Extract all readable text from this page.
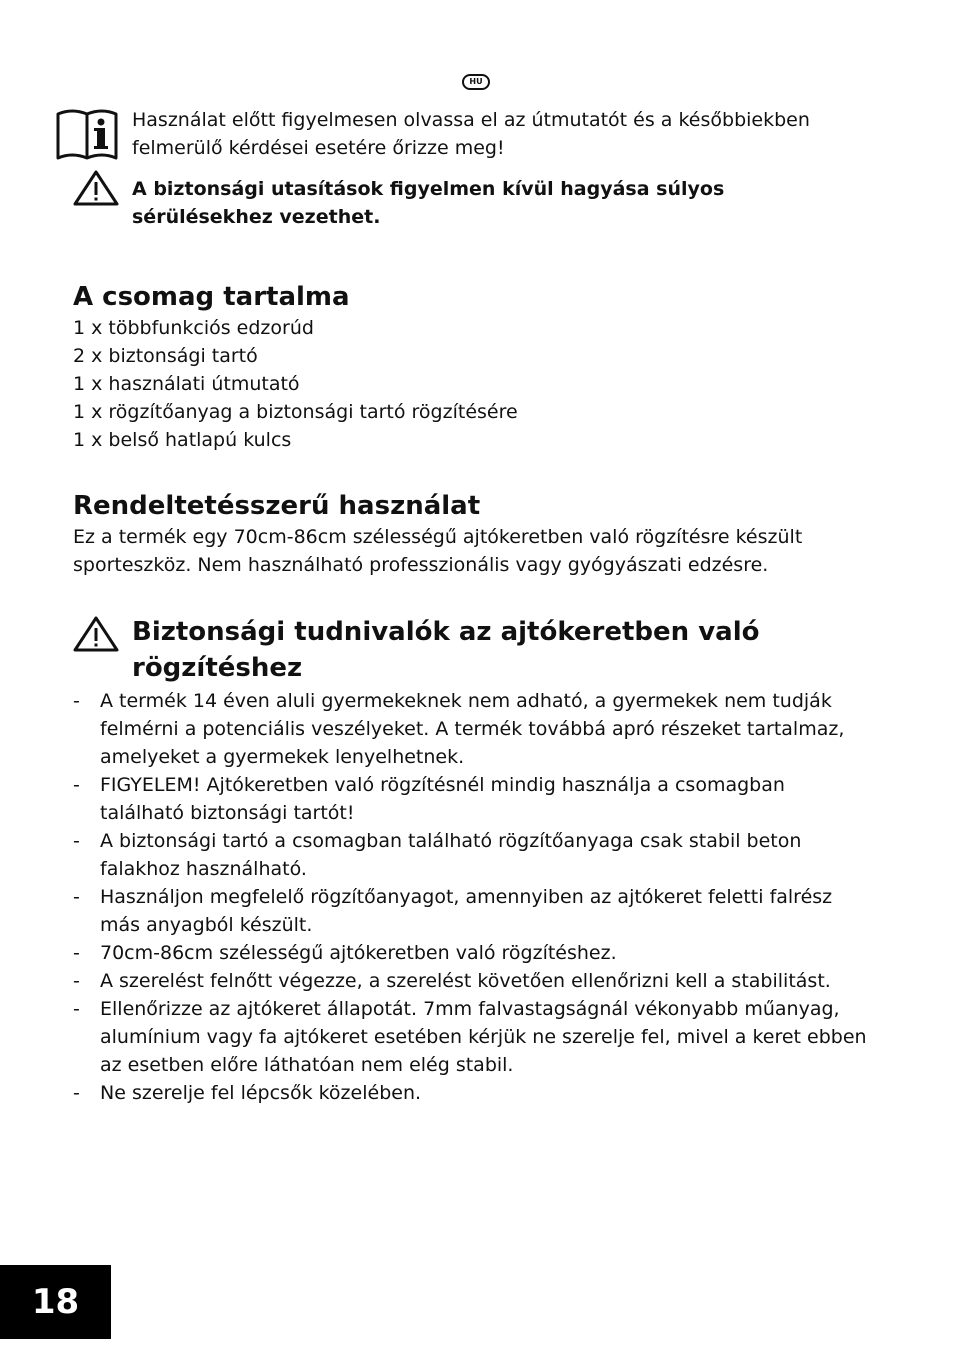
HU
Használat előtt figyelmesen olvassa el az útmutatót és a későbbiekben felmerülő kérdései esetére őrizze meg!
A biztonsági utasítások figyelmen kívül hagyása súlyos sérülésekhez vezethet.
A csomag tartalma
1 x többfunkciós edzorúd
2 x biztonsági tartó
1 x használati útmutató
1 x rögzítőanyag a biztonsági tartó rögzítésére
1 x belső hatlapú kulcs
Rendeltetésszerű használat
Ez a termék egy 70cm-86cm szélességű ajtókeretben való rögzítésre készült sporteszköz. Nem használható professzionális vagy gyógyászati edzésre.
Biztonsági tudnivalók az ajtókeretben való rögzítéshez
- A termék 14 éven aluli gyermekeknek nem adható, a gyermekek nem tudják felmérni a potenciális veszélyeket. A termék továbbá apró részeket tartalmaz, amelyeket a gyermekek lenyelhetnek.
- FIGYELEM! Ajtókeretben való rögzítésnél mindig használja a csomagban található biztonsági tartót!
- A biztonsági tartó a csomagban található rögzítőanyaga csak stabil beton falakhoz használható.
- Használjon megfelelő rögzítőanyagot, amennyiben az ajtókeret feletti falrész más anyagból készült.
- 70cm-86cm szélességű ajtókeretben való rögzítéshez.
- A szerelést felnőtt végezze, a szerelést követően ellenőrizni kell a stabilitást.
- Ellenőrizze az ajtókeret állapotát. 7mm falvastagságnál vékonyabb műanyag, alumínium vagy fa ajtókeret esetében kérjük ne szerelje fel, mivel a keret ebben az esetben előre láthatóan nem elég stabil.
- Ne szerelje fel lépcsők közelében.
18
